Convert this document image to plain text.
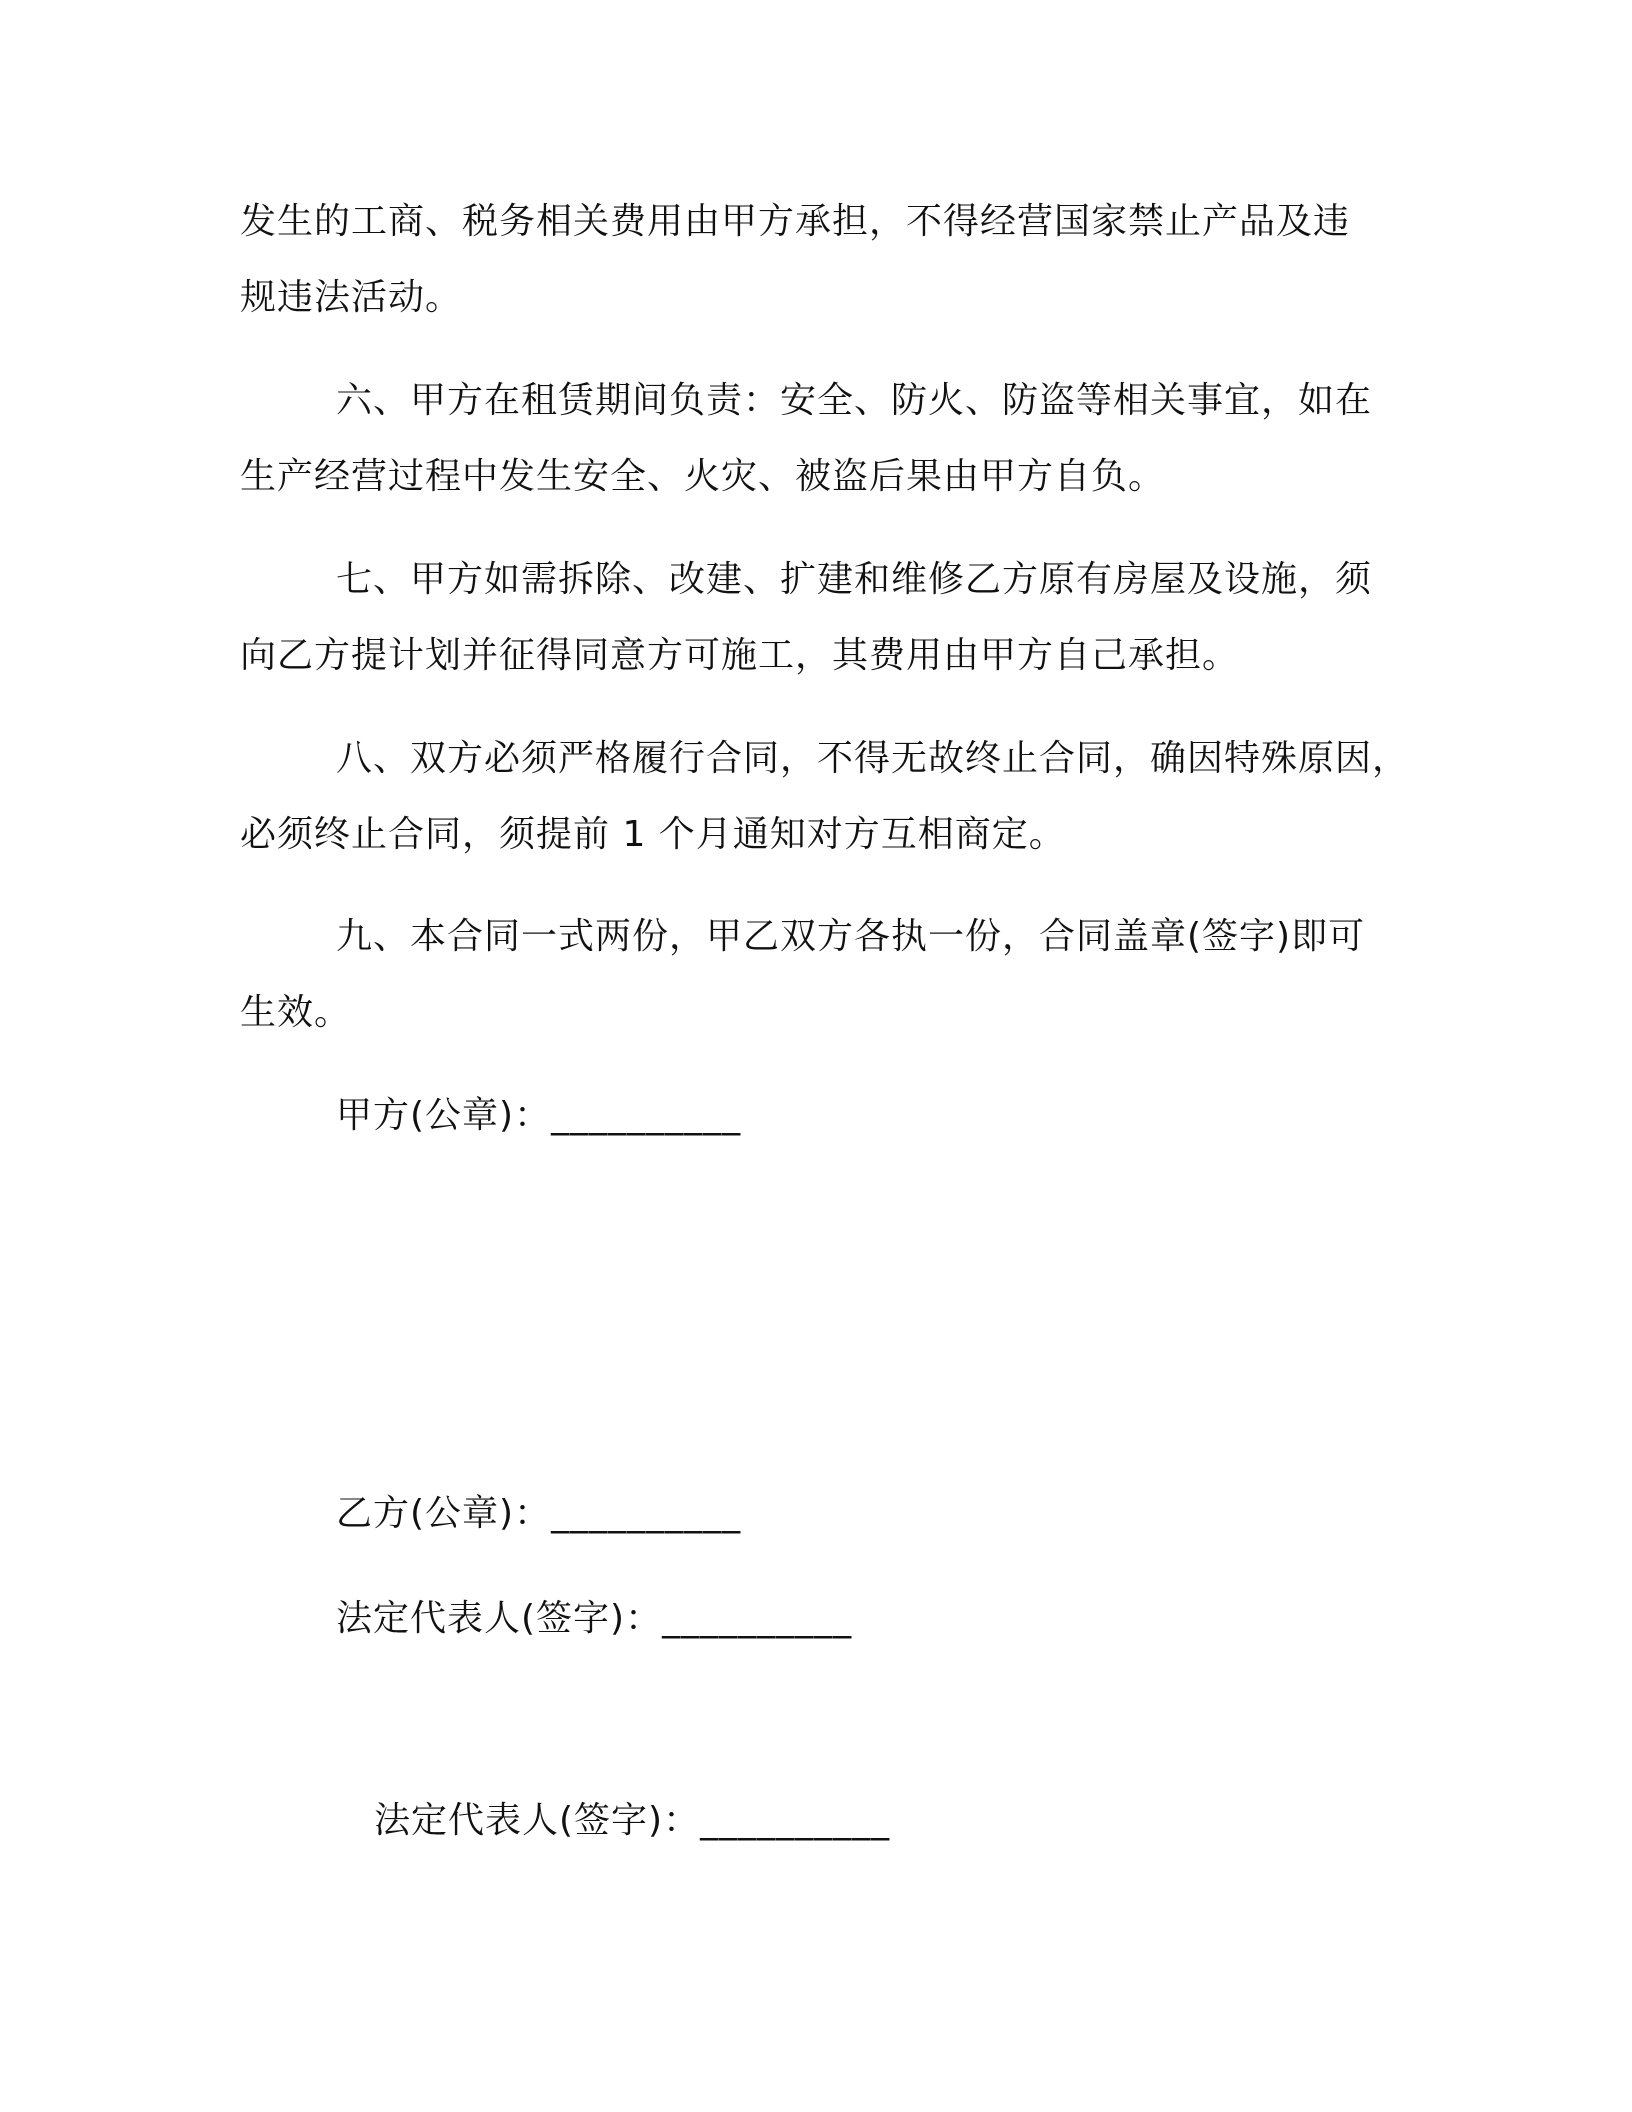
发生的工商、税务相关费用由甲方承担，不得经营国家禁止产品及违
规违法活动。
六、甲方在租赁期间负责：安全、防火、防盗等相关事宜，如在
生产经营过程中发生安全、火灾、被盗后果由甲方自负。
七、甲方如需拆除、改建、扩建和维修乙方原有房屋及设施，须
向乙方提计划并征得同意方可施工，其费用由甲方自己承担。
八、双方必须严格履行合同，不得无故终止合同，确因特殊原因，
必须终止合同，须提前 1 个月通知对方互相商定。
九、本合同一式两份，甲乙双方各执一份，合同盖章(签字)即可
生效。
甲方(公章)：__________
乙方(公章)：__________
法定代表人(签字)：__________
法定代表人(签字)：__________
